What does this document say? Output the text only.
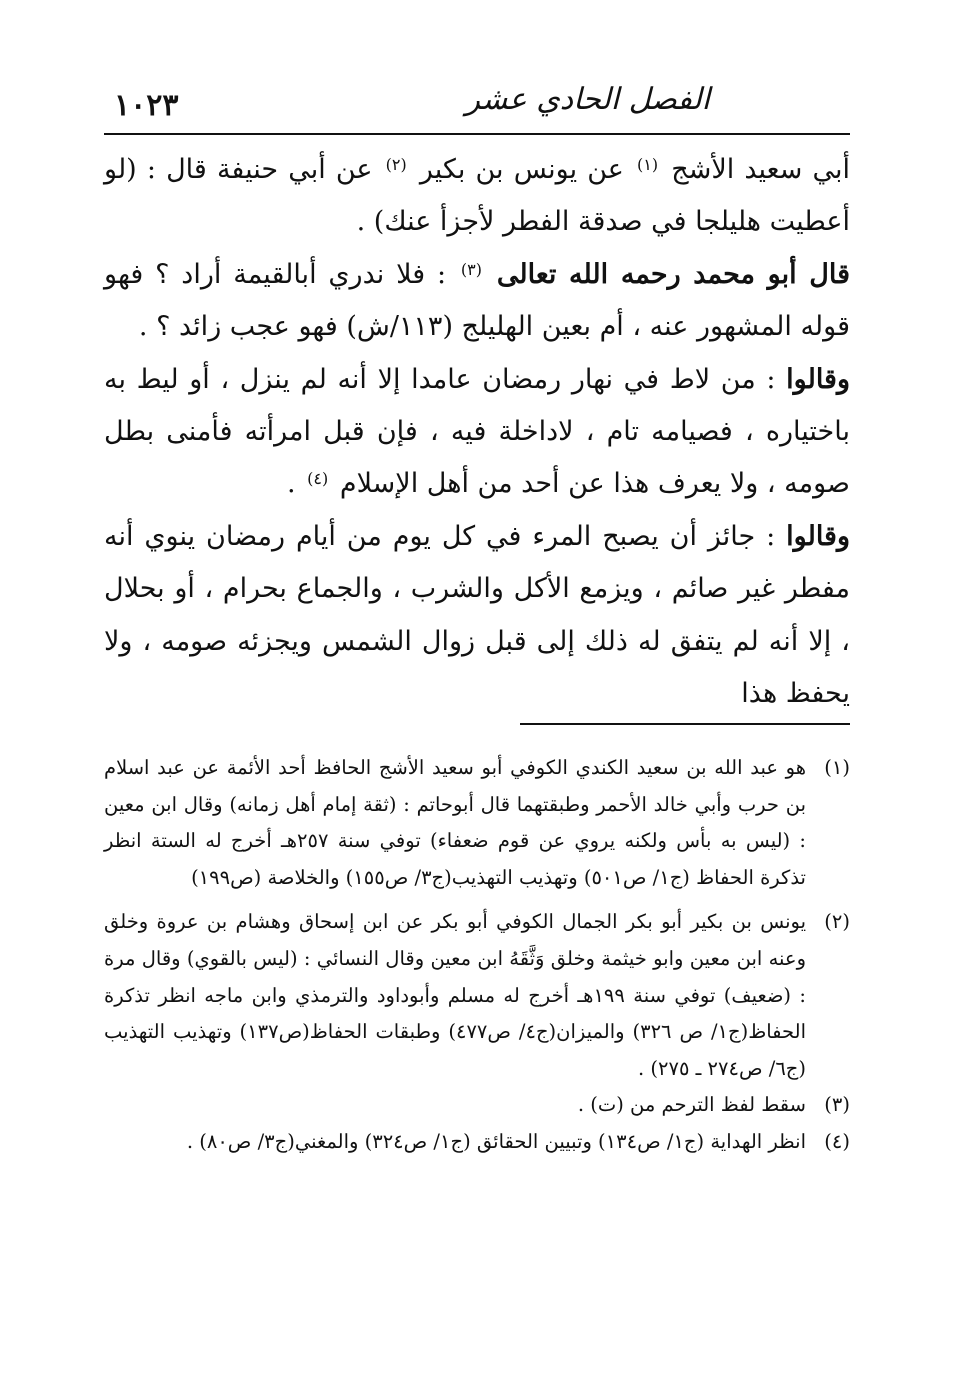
الفصل الحادي عشر
١٠٢٣

أبي سعيد الأشج $^{(١)}$ عن يونس بن بكير $^{(٢)}$ عن أبي حنيفة قال : (لو أعطيت هليلجا في صدقة الفطر لأجزأ عنك) .

قال أبو محمد رحمه الله تعالى $^{(٣)}$ : فلا ندري أبالقيمة أراد ؟ فهو قوله المشهور عنه ، أم بعين الهليلج (١١٣/ش) فهو عجب زائد ؟ .

وقالوا : من لاط في نهار رمضان عامدا إلا أنه لم ينزل ، أو ليط به باختياره ، فصيامه تام ، لاداخلة فيه ، فإن قبل امرأته فأمنى بطل صومه ، ولا يعرف هذا عن أحد من أهل الإسلام $^{(٤)}$ .

وقالوا : جائز أن يصبح المرء في كل يوم من أيام رمضان ينوي أنه مفطر غير صائم ، ويزمع الأكل والشرب ، والجماع بحرام ، أو بحلال ، إلا أنه لم يتفق له ذلك إلى قبل زوال الشمس ويجزئه صومه ، ولا يحفظ هذا

(١)
هو عبد الله بن سعيد الكندي الكوفي أبو سعيد الأشج الحافظ أحد الأئمة عن عبد اسلام بن حرب وأبي خالد الأحمر وطبقتهما قال أبوحاتم : (ثقة إمام أهل زمانه) وقال ابن معين : (ليس به بأس ولكنه يروي عن قوم ضعفاء) توفي سنة ٢٥٧هـ أخرج له الستة انظر تذكرة الحفاظ (ج١/ ص٥٠١) وتهذيب التهذيب(ج٣/ ص١٥٥) والخلاصة (ص١٩٩)
(٢)
يونس بن بكير أبو بكر الجمال الكوفي أبو بكر عن ابن إسحاق وهشام بن عروة وخلق وعنه ابن معين وابو خيثمة وخلق وَثَّقَهُ ابن معين وقال النسائي : (ليس بالقوي) وقال مرة : (ضعيف) توفي سنة ١٩٩هـ أخرج له مسلم وأبوداود والترمذي وابن ماجه انظر تذكرة الحفاظ(ج١/ ص ٣٢٦) والميزان(ج٤/ ص٤٧٧) وطبقات الحفاظ(ص١٣٧) وتهذيب التهذيب (ج٦/ ص٢٧٤ ـ ٢٧٥) .
(٣)
سقط لفظ الترحم من (ت) .
(٤)
انظر الهداية (ج١/ ص١٣٤) وتبيين الحقائق (ج١/ ص٣٢٤) والمغني(ج٣/ ص٨٠) .
